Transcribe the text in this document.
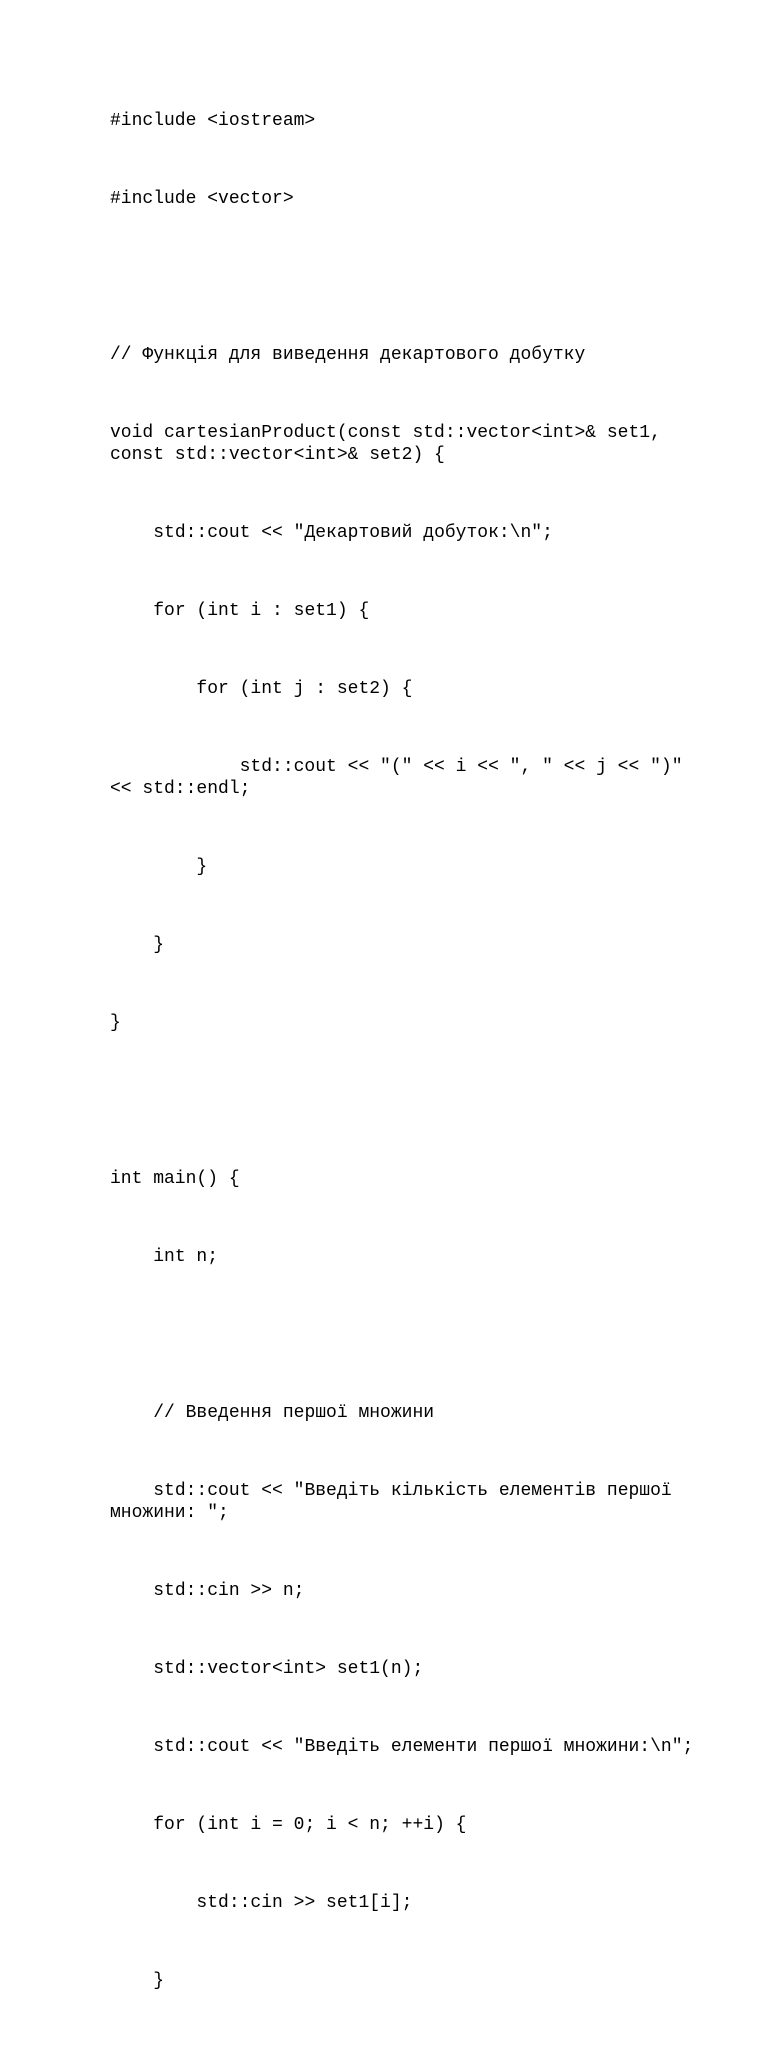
#include <iostream>

#include <vector>

// Функція для виведення декартового добутку

void cartesianProduct(const std::vector<int>& set1, const std::vector<int>& set2) {

std::cout << "Декартовий добуток:\n";

for (int i : set1) {

for (int j : set2) {

std::cout << "(" << i << ", " << j << ")" << std::endl;

}

}

}

int main() {

int n;

// Введення першої множини

std::cout << "Введіть кількість елементів першої множини: ";

std::cin >> n;

std::vector<int> set1(n);

std::cout << "Введіть елементи першої множини:\n";

for (int i = 0; i < n; ++i) {

std::cin >> set1[i];

}
